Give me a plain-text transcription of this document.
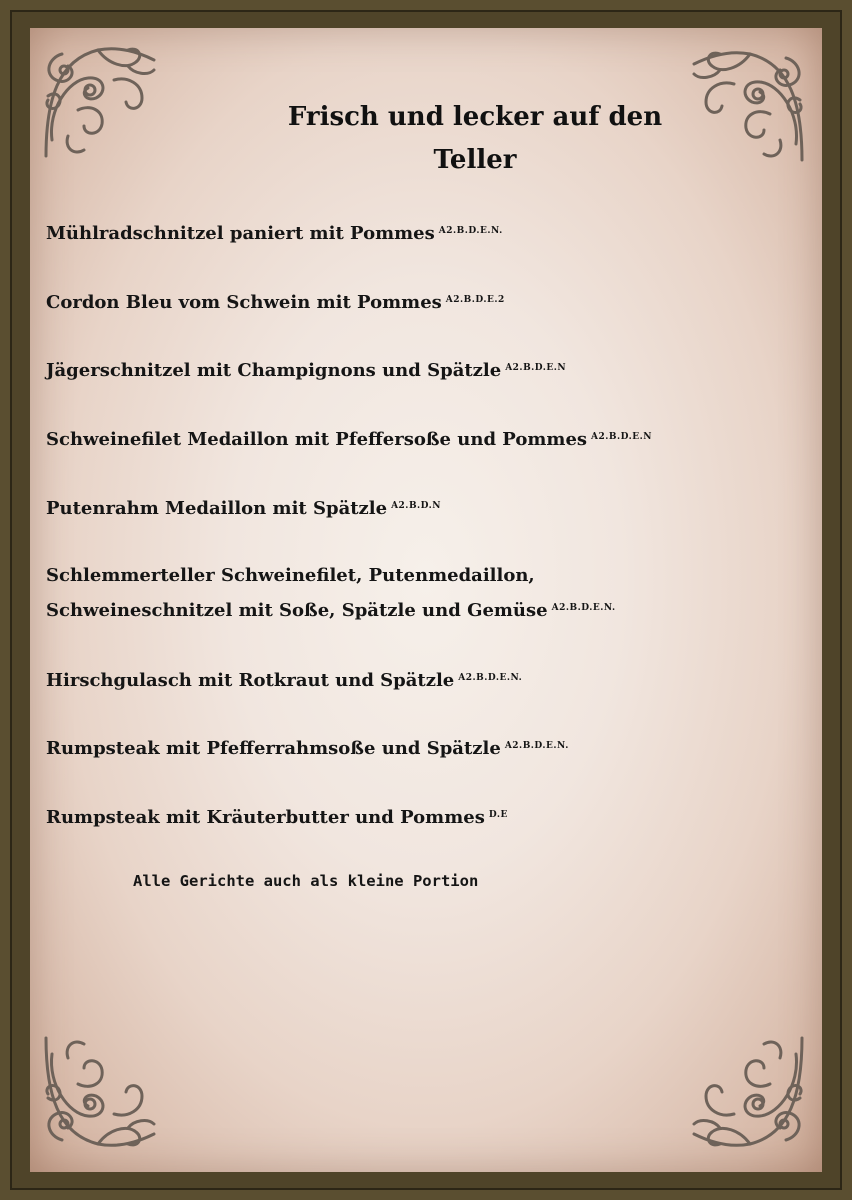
Frisch und lecker auf den
Teller
Mühlradschnitzel paniert mit Pommes $^{A2.B.D.E.N.}$
Cordon Bleu vom Schwein mit Pommes $^{A2.B.D.E.2}$
Jägerschnitzel mit Champignons und Spätzle $^{A2.B.D.E.N}$
Schweinefilet Medaillon mit Pfeffersoße und Pommes $^{A2.B.D.E.N}$
Putenrahm Medaillon mit Spätzle $^{A2.B.D.N}$
Schlemmerteller Schweinefilet, Putenmedaillon,
Schweineschnitzel mit Soße, Spätzle und Gemüse $^{A2.B.D.E.N.}$
Hirschgulasch mit Rotkraut und Spätzle $^{A2.B.D.E.N.}$
Rumpsteak mit Pfefferrahmsoße und Spätzle $^{A2.B.D.E.N.}$
Rumpsteak mit Kräuterbutter und Pommes $^{D.E}$
Alle Gerichte auch als kleine Portion
